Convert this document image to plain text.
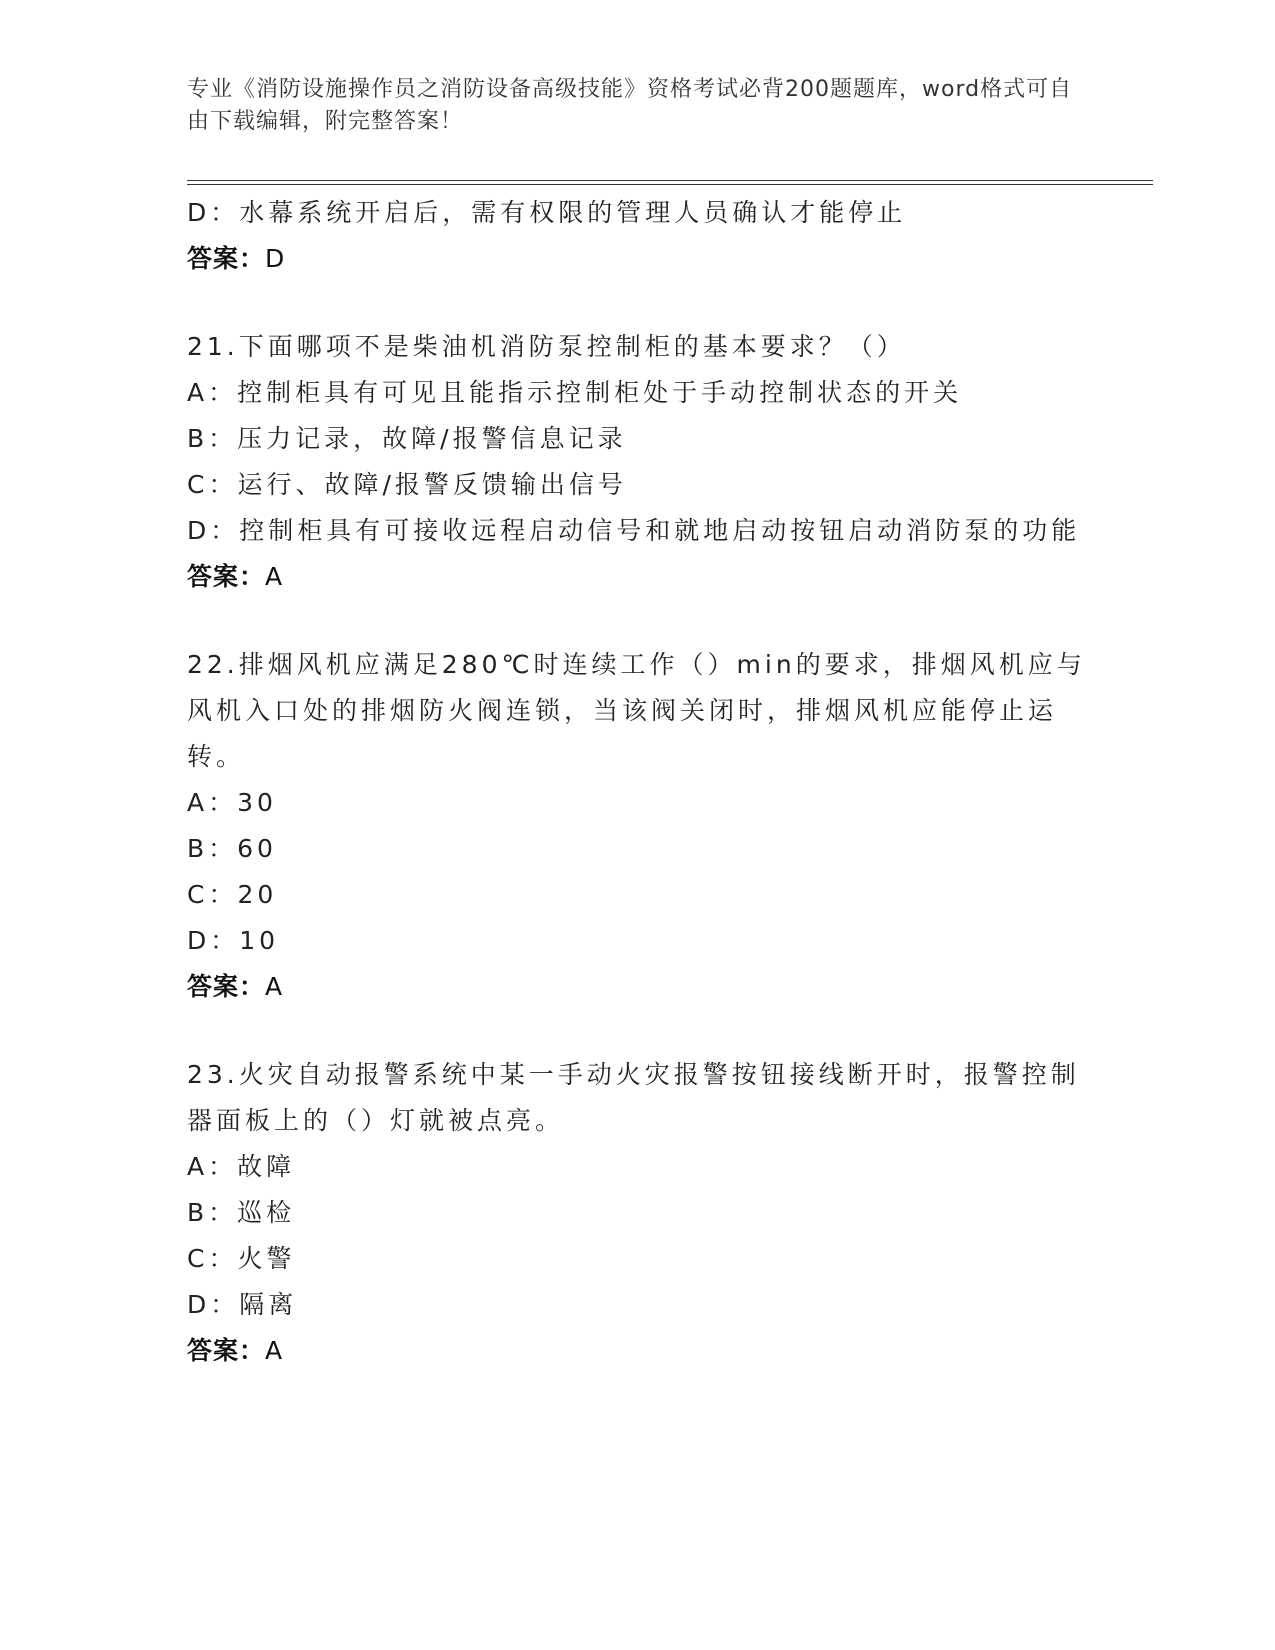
专业《消防设施操作员之消防设备高级技能》资格考试必背200题题库，word格式可自由下载编辑，附完整答案！
D：水幕系统开启后，需有权限的管理人员确认才能停止
答案：D
21.下面哪项不是柴油机消防泵控制柜的基本要求？（）
A：控制柜具有可见且能指示控制柜处于手动控制状态的开关
B：压力记录，故障/报警信息记录
C：运行、故障/报警反馈输出信号
D：控制柜具有可接收远程启动信号和就地启动按钮启动消防泵的功能
答案：A
22.排烟风机应满足280℃时连续工作（）min的要求，排烟风机应与风机入口处的排烟防火阀连锁，当该阀关闭时，排烟风机应能停止运转。
A：30
B：60
C：20
D：10
答案：A
23.火灾自动报警系统中某一手动火灾报警按钮接线断开时，报警控制器面板上的（）灯就被点亮。
A：故障
B：巡检
C：火警
D：隔离
答案：A
